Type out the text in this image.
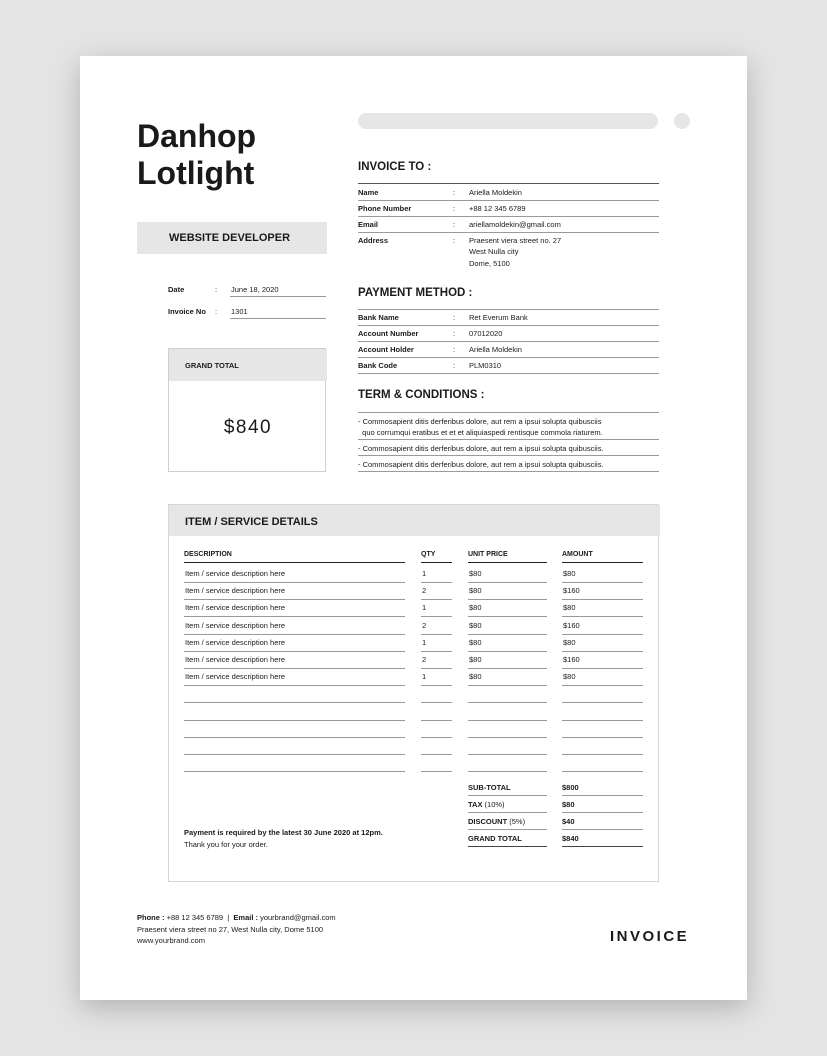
Danhop
Lotlight
WEBSITE DEVELOPER
Date	: June 18, 2020
Invoice No : 1301
GRAND TOTAL
$840
INVOICE TO :
Name	: Ariella Moldekin
Phone Number	: +88 12 345 6789
Email	: ariellamoldekin@gmail.com
Address	: Praesent viera street no. 27
West Nulla city
Dome, 5100
PAYMENT METHOD :
Bank Name	: Ret Everum Bank
Account Number	: 07012020
Account Holder	: Ariella Moldekin
Bank Code	: PLM0310
TERM & CONDITIONS :
- Commosapient ditis derferibus dolore, aut rem a ipsui solupta quibusciis
quo corrumqui eratibus et et et aliquiaspedi rentisque commola riaturem.
- Commosapient ditis derferibus dolore, aut rem a ipsui solupta quibusciis.
- Commosapient ditis derferibus dolore, aut rem a ipsui solupta quibusciis.
ITEM / SERVICE DETAILS
DESCRIPTION	QTY	UNIT PRICE	AMOUNT
Item / service description here	1	$80	$80
Item / service description here	2	$80	$160
Item / service description here	1	$80	$80
Item / service description here	2	$80	$160
Item / service description here	1	$80	$80
Item / service description here	2	$80	$160
Item / service description here	1	$80	$80
SUB-TOTAL	$800
TAX (10%)	$80
DISCOUNT (5%)	$40
GRAND TOTAL	$840
Payment is required by the latest 30 June 2020 at 12pm.
Thank you for your order.
Phone : +88 12 345 6789 | Email : yourbrand@gmail.com
Praesent viera street no 27, West Nulla city, Dome 5100
www.yourbrand.com	INVOICE
